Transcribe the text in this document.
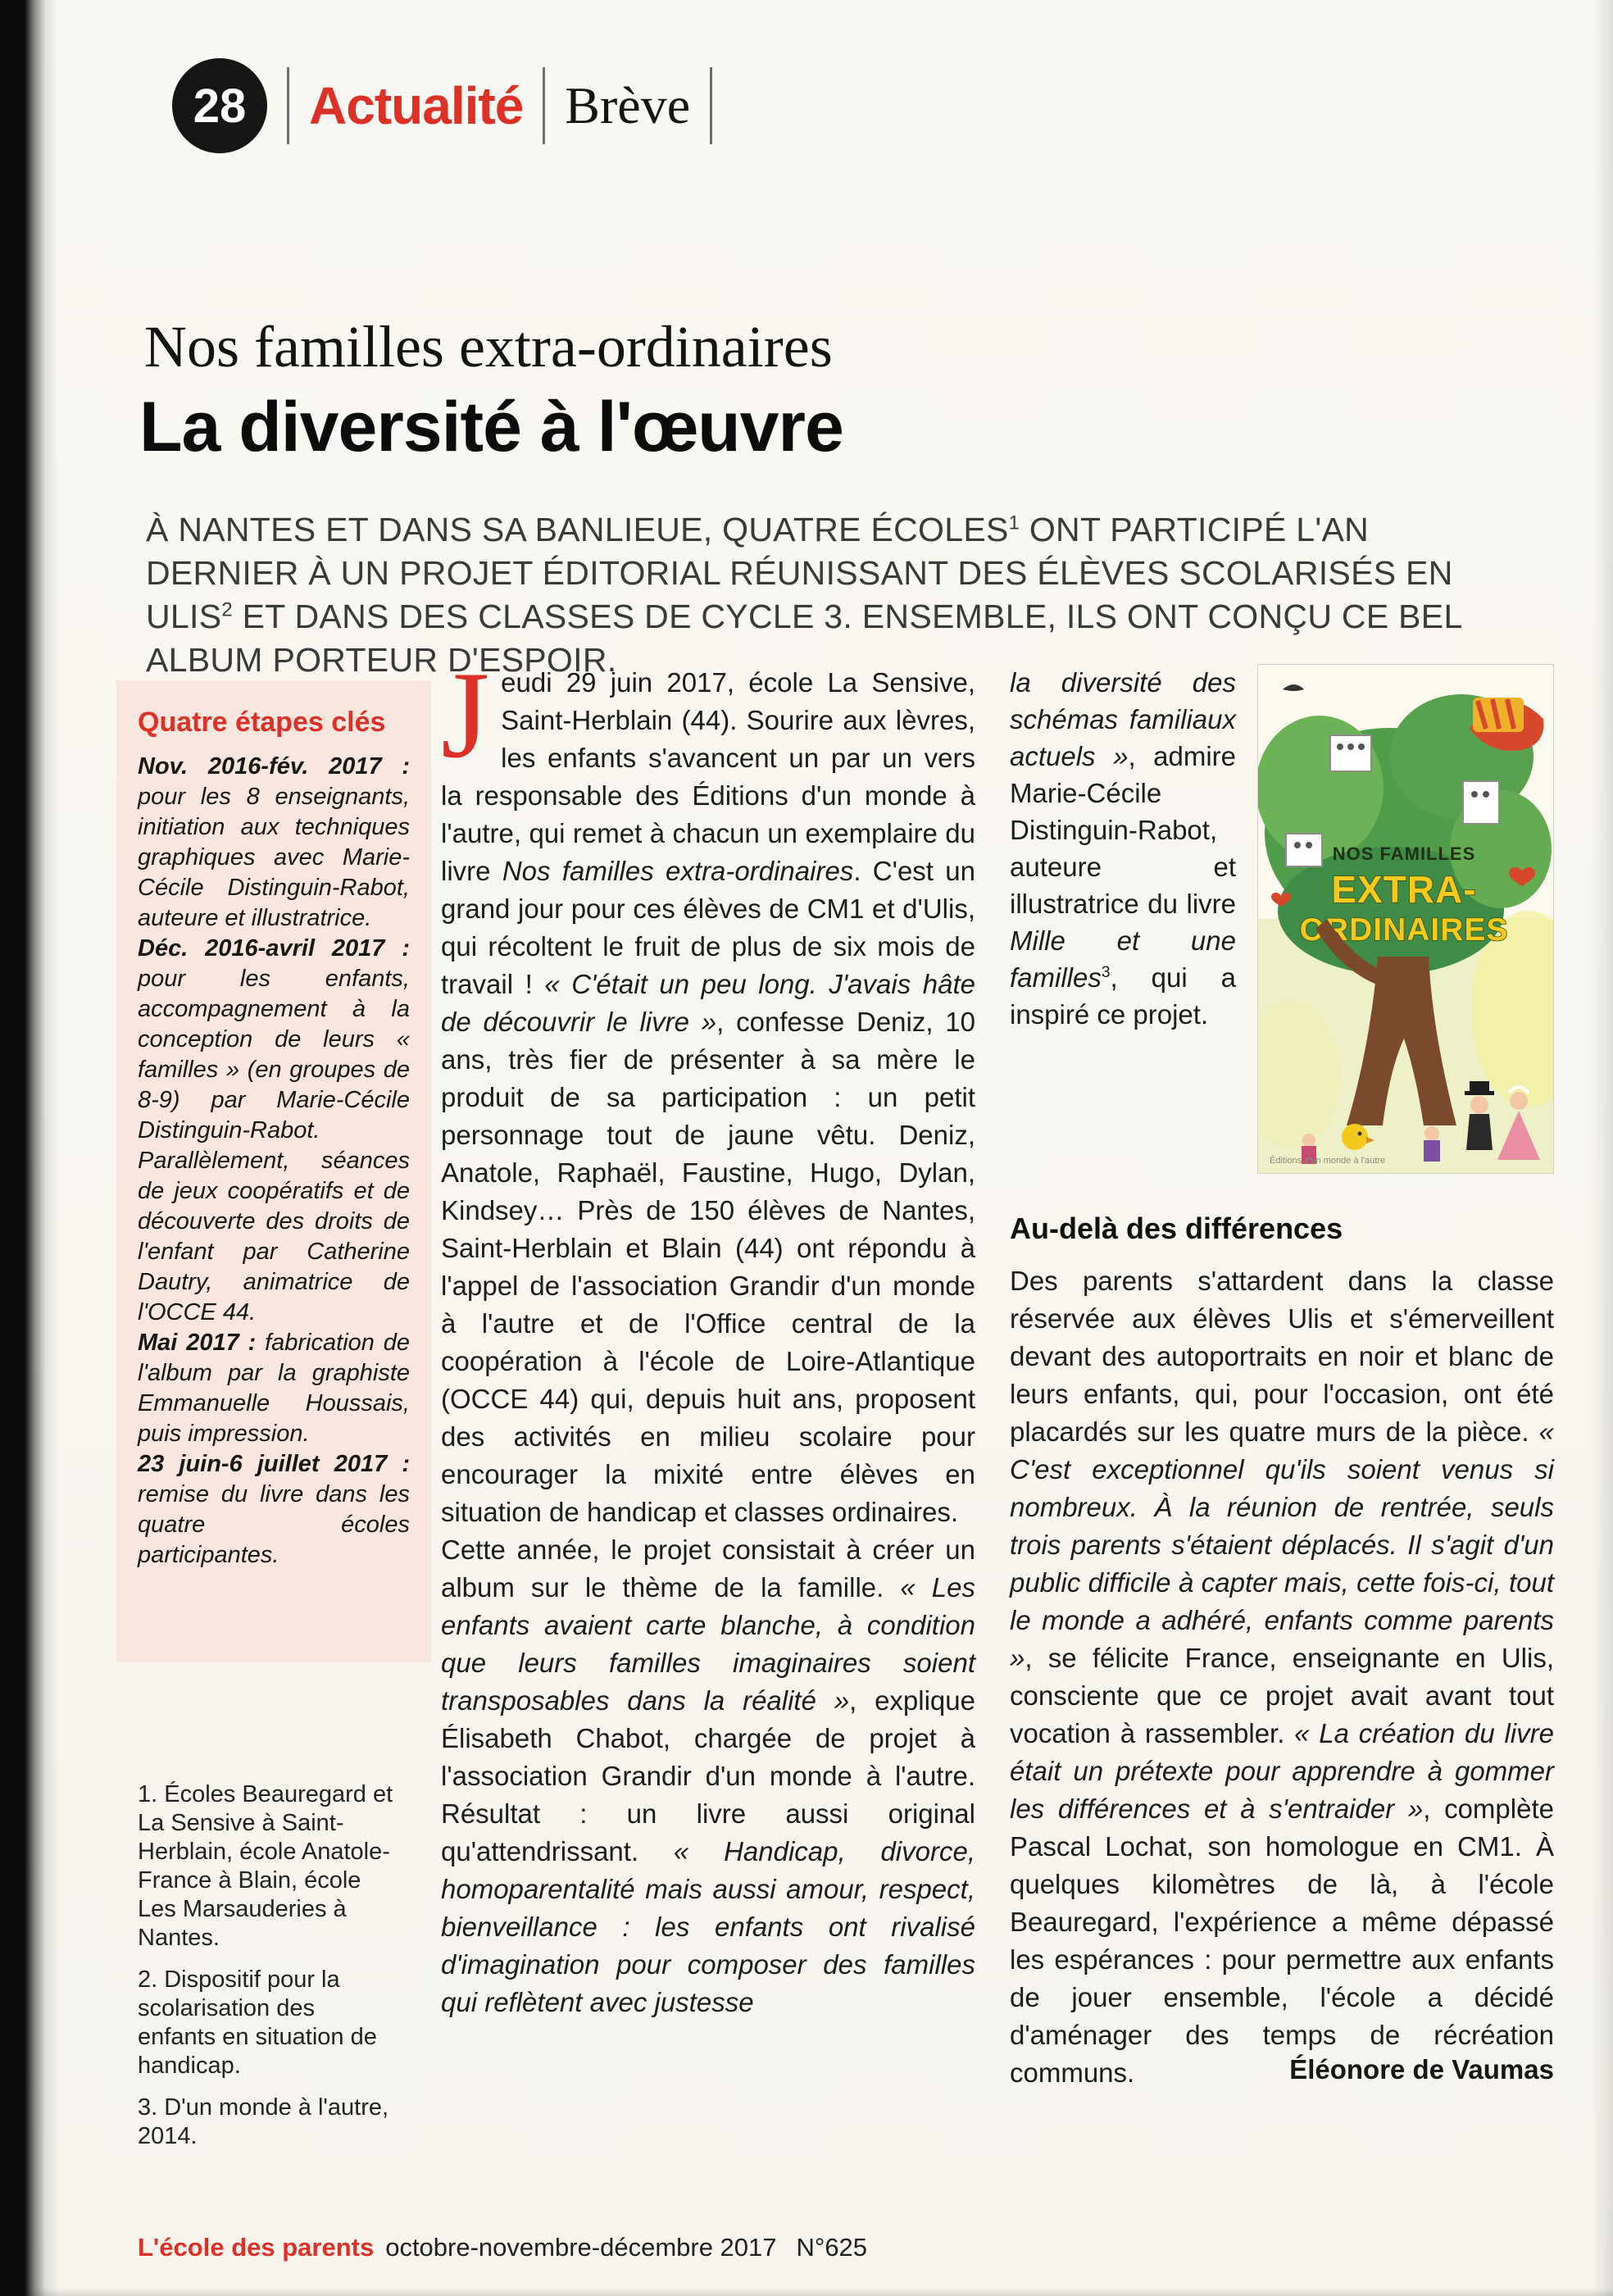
28 Actualité Brève
Nos familles extra-ordinaires
La diversité à l'œuvre

À NANTES ET DANS SA BANLIEUE, QUATRE ÉCOLES$^1$ ONT PARTICIPÉ L'AN DERNIER À UN PROJET ÉDITORIAL RÉUNISSANT DES ÉLÈVES SCOLARISÉS EN ULIS$^2$ ET DANS DES CLASSES DE CYCLE 3. ENSEMBLE, ILS ONT CONÇU CE BEL ALBUM PORTEUR D'ESPOIR.

Quatre étapes clés

Nov. 2016-fév. 2017 : pour les 8 enseignants, initiation aux techniques graphiques avec Marie-Cécile Distinguin-Rabot, auteure et illustratrice.

Déc. 2016-avril 2017 : pour les enfants, accompagnement à la conception de leurs « familles » (en groupes de 8-9) par Marie-Cécile Distinguin-Rabot. Parallèlement, séances de jeux coopératifs et de découverte des droits de l'enfant par Catherine Dautry, animatrice de l'OCCE 44.

Mai 2017 : fabrication de l'album par la graphiste Emmanuelle Houssais, puis impression.

23 juin-6 juillet 2017 : remise du livre dans les quatre écoles participantes.

1. Écoles Beauregard et La Sensive à Saint-Herblain, école Anatole-France à Blain, école Les Marsauderies à Nantes.

2. Dispositif pour la scolarisation des enfants en situation de handicap.

3. D'un monde à l'autre, 2014.

Jeudi 29 juin 2017, école La Sensive, Saint-Herblain (44). Sourire aux lèvres, les enfants s'avancent un par un vers la responsable des Éditions d'un monde à l'autre, qui remet à chacun un exemplaire du livre Nos familles extra-ordinaires. C'est un grand jour pour ces élèves de CM1 et d'Ulis, qui récoltent le fruit de plus de six mois de travail ! « C'était un peu long. J'avais hâte de découvrir le livre », confesse Deniz, 10 ans, très fier de présenter à sa mère le produit de sa participation : un petit personnage tout de jaune vêtu. Deniz, Anatole, Raphaël, Faustine, Hugo, Dylan, Kindsey… Près de 150 élèves de Nantes, Saint-Herblain et Blain (44) ont répondu à l'appel de l'association Grandir d'un monde à l'autre et de l'Office central de la coopération à l'école de Loire-Atlantique (OCCE 44) qui, depuis huit ans, proposent des activités en milieu scolaire pour encourager la mixité entre élèves en situation de handicap et classes ordinaires.

Cette année, le projet consistait à créer un album sur le thème de la famille. « Les enfants avaient carte blanche, à condition que leurs familles imaginaires soient transposables dans la réalité », explique Élisabeth Chabot, chargée de projet à l'association Grandir d'un monde à l'autre. Résultat : un livre aussi original qu'attendrissant. « Handicap, divorce, homoparentalité mais aussi amour, respect, bienveillance : les enfants ont rivalisé d'imagination pour composer des familles qui reflètent avec justesse

la diversité des schémas familiaux actuels », admire Marie-Cécile Distinguin-Rabot, auteure et illustratrice du livre Mille et une familles$^3$, qui a inspiré ce projet.

NOS FAMILLES
EXTRA-
ORDINAIRES
Éditions d'un monde à l'autre
Au-delà des différences

Des parents s'attardent dans la classe réservée aux élèves Ulis et s'émerveillent devant des autoportraits en noir et blanc de leurs enfants, qui, pour l'occasion, ont été placardés sur les quatre murs de la pièce. « C'est exceptionnel qu'ils soient venus si nombreux. À la réunion de rentrée, seuls trois parents s'étaient déplacés. Il s'agit d'un public difficile à capter mais, cette fois-ci, tout le monde a adhéré, enfants comme parents », se félicite France, enseignante en Ulis, consciente que ce projet avait avant tout vocation à rassembler. « La création du livre était un prétexte pour apprendre à gommer les différences et à s'entraider », complète Pascal Lochat, son homologue en CM1. À quelques kilomètres de là, à l'école Beauregard, l'expérience a même dépassé les espérances : pour permettre aux enfants de jouer ensemble, l'école a décidé d'aménager des temps de récréation communs.	Éléonore de Vaumas

L'école des parents octobre-novembre-décembre 2017 N°625
